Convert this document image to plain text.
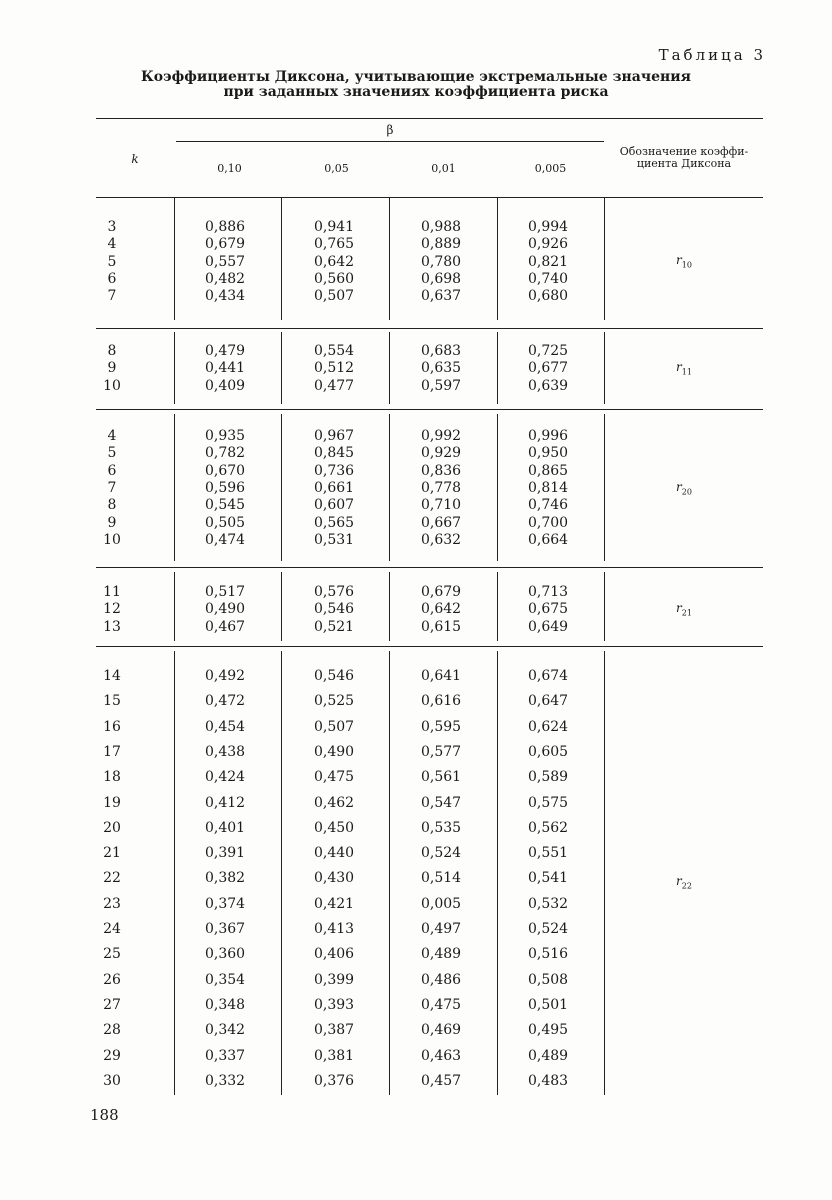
Таблица 3
Коэффициенты Диксона, учитывающие экстремальные значения
при заданных значениях коэффициента риска
k
β
0,10	0,05	0,01	0,005
Обозначение коэффи-
циента Диксона
3	0,886	0,941	0,988	0,994
4	0,679	0,765	0,889	0,926
5	0,557	0,642	0,780	0,821
6	0,482	0,560	0,698	0,740
7	0,434	0,507	0,637	0,680
$r_{10}$
8	0,479	0,554	0,683	0,725
9	0,441	0,512	0,635	0,677
10	0,409	0,477	0,597	0,639
$r_{11}$
4	0,935	0,967	0,992	0,996
5	0,782	0,845	0,929	0,950
6	0,670	0,736	0,836	0,865
7	0,596	0,661	0,778	0,814
8	0,545	0,607	0,710	0,746
9	0,505	0,565	0,667	0,700
10	0,474	0,531	0,632	0,664
$r_{20}$
11	0,517	0,576	0,679	0,713
12	0,490	0,546	0,642	0,675
13	0,467	0,521	0,615	0,649
$r_{21}$
14	0,492	0,546	0,641	0,674
15	0,472	0,525	0,616	0,647
16	0,454	0,507	0,595	0,624
17	0,438	0,490	0,577	0,605
18	0,424	0,475	0,561	0,589
19	0,412	0,462	0,547	0,575
20	0,401	0,450	0,535	0,562
21	0,391	0,440	0,524	0,551
22	0,382	0,430	0,514	0,541
23	0,374	0,421	0,005	0,532
24	0,367	0,413	0,497	0,524
25	0,360	0,406	0,489	0,516
26	0,354	0,399	0,486	0,508
27	0,348	0,393	0,475	0,501
28	0,342	0,387	0,469	0,495
29	0,337	0,381	0,463	0,489
30	0,332	0,376	0,457	0,483
$r_{22}$
188
